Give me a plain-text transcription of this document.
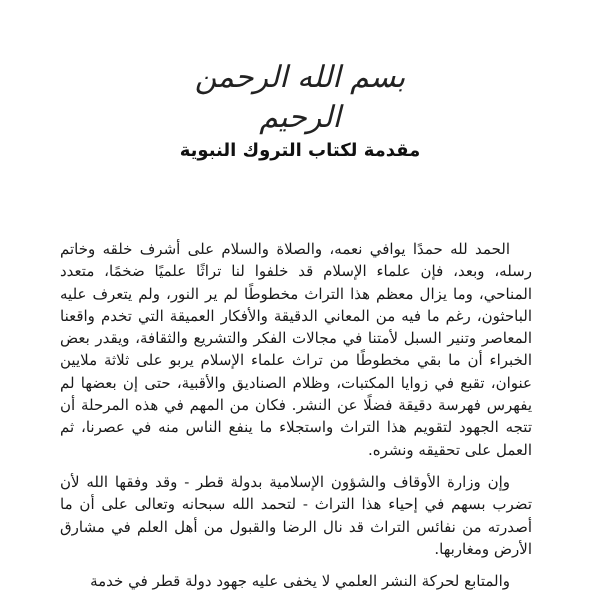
بسم الله الرحمن الرحيم
مقدمة لكتاب التروك النبوية

الحمد لله حمدًا يوافي نعمه، والصلاة والسلام على أشرف خلقه وخاتم رسله، وبعد، فإن علماء الإسلام قد خلفوا لنا تراثًا علميًا ضخمًا، متعدد المناحي، وما يزال معظم هذا التراث مخطوطًا لم ير النور، ولم يتعرف عليه الباحثون، رغم ما فيه من المعاني الدقيقة والأفكار العميقة التي تخدم واقعنا المعاصر وتنير السبل لأمتنا في مجالات الفكر والتشريع والثقافة، ويقدر بعض الخبراء أن ما بقي مخطوطًا من تراث علماء الإسلام يربو على ثلاثة ملايين عنوان، تقبع في زوايا المكتبات، وظلام الصناديق والأقبية، حتى إن بعضها لم يفهرس فهرسة دقيقة فضلًا عن النشر. فكان من المهم في هذه المرحلة أن تتجه الجهود لتقويم هذا التراث واستجلاء ما ينفع الناس منه في عصرنا، ثم العمل على تحقيقه ونشره.

وإن وزارة الأوقاف والشؤون الإسلامية بدولة قطر - وقد وفقها الله لأن تضرب بسهم في إحياء هذا التراث - لتحمد الله سبحانه وتعالى على أن ما أصدرته من نفائس التراث قد نال الرضا والقبول من أهل العلم في مشارق الأرض ومغاربها.

والمتابع لحركة النشر العلمي لا يخفى عليه جهود دولة قطر في خدمة
